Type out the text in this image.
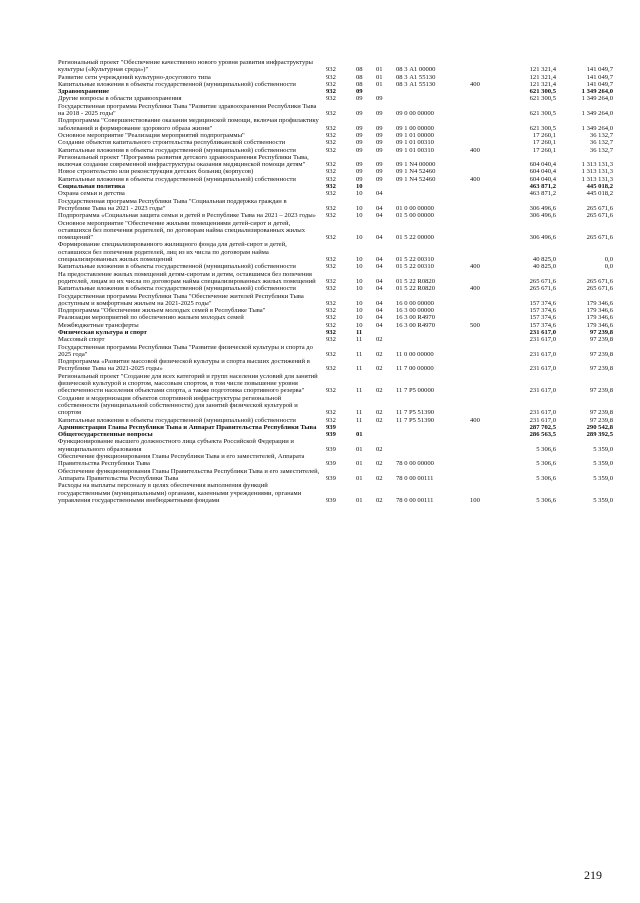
Региональный проект "Обеспечение качественно нового уровня развития инфраструктуры культуры («Культурная среда»)"	932	08	01	08 3 А1 00000		121 321,4	141 049,7
Развитие сети учреждений культурно-досугового типа	932	08	01	08 3 А1 55130		121 321,4	141 049,7
Капитальные вложения в объекты государственной (муниципальной) собственности	932	08	01	08 3 А1 55130	400	121 321,4	141 049,7
Здравоохранение	932	09				621 300,5	1 349 264,0
Другие вопросы в области здравоохранения	932	09	09			621 300,5	1 349 264,0
Государственная программа Республики Тыва "Развитие здравоохранения Республики Тыва на 2018 - 2025 годы"	932	09	09	09 0 00 00000		621 300,5	1 349 264,0
Подпрограмма "Совершенствование оказания медицинской помощи, включая профилактику заболеваний и формирование здорового образа жизни"	932	09	09	09 1 00 00000		621 300,5	1 349 264,0
Основное мероприятие "Реализация мероприятий подпрограммы"	932	09	09	09 1 01 00000		17 260,1	36 132,7
Создание объектов капитального строительства республиканской собственности	932	09	09	09 1 01 00310		17 260,1	36 132,7
Капитальные вложения в объекты государственной (муниципальной) собственности	932	09	09	09 1 01 00310	400	17 260,1	36 132,7
Региональный проект "Программа развития детского здравоохранения Республики Тыва, включая создание современной инфраструктуры оказания медицинской помощи детям"	932	09	09	09 1 N4 00000		604 040,4	1 313 131,3
Новое строительство или реконструкция детских больниц (корпусов)	932	09	09	09 1 N4 52460		604 040,4	1 313 131,3
Капитальные вложения в объекты государственной (муниципальной) собственности	932	09	09	09 1 N4 52460	400	604 040,4	1 313 131,3
Социальная политика	932	10				463 871,2	445 018,2
Охрана семьи и детства	932	10	04			463 871,2	445 018,2
Государственная программа Республики Тыва "Социальная поддержка граждан в Республике Тыва на 2021 - 2023 годы"	932	10	04	01 0 00 00000		306 496,6	265 671,6
Подпрограмма «Социальная защита семьи и детей в Республике Тыва на 2021 – 2023 годы»	932	10	04	01 5 00 00000		306 496,6	265 671,6
Основное мероприятие "Обеспечение жилыми помещениями детей-сирот и детей, оставшихся без попечения родителей, по договорам найма специализированных жилых помещений"	932	10	04	01 5 22 00000		306 496,6	265 671,6
Формирование специализированного жилищного фонда для детей-сирот и детей, оставшихся без попечения родителей, лиц из их числа по договорам найма специализированных жилых помещений	932	10	04	01 5 22 00310		40 825,0	0,0
Капитальные вложения в объекты государственной (муниципальной) собственности	932	10	04	01 5 22 00310	400	40 825,0	0,0
На предоставление жилых помещений детям-сиротам и детям, оставшимся без попечения родителей, лицам из их числа по договорам найма специализированных жилых помещений	932	10	04	01 5 22 R0820		265 671,6	265 671,6
Капитальные вложения в объекты государственной (муниципальной) собственности	932	10	04	01 5 22 R0820	400	265 671,6	265 671,6
Государственная программа Республики Тыва "Обеспечение жителей Республики Тыва доступным и комфортным жильем на 2021-2025 годы"	932	10	04	16 0 00 00000		157 374,6	179 346,6
Подпрограмма "Обеспечение жильем молодых семей в Республике Тыва"	932	10	04	16 3 00 00000		157 374,6	179 346,6
Реализация мероприятий по обеспечению жильем молодых семей	932	10	04	16 3 00 R4970		157 374,6	179 346,6
Межбюджетные трансферты	932	10	04	16 3 00 R4970	500	157 374,6	179 346,6
Физическая культура и спорт	932	11				231 617,0	97 239,8
Массовый спорт	932	11	02			231 617,0	97 239,8
Государственная программа Республики Тыва "Развитие физической культуры и спорта до 2025 года"	932	11	02	11 0 00 00000		231 617,0	97 239,8
Подпрограмма «Развитие массовой физической культуры и спорта высших достижений в Республике Тыва на 2021-2025 годы»	932	11	02	11 7 00 00000		231 617,0	97 239,8
Региональный проект "Создание для всех категорий и групп населения условий для занятий физической культурой и спортом, массовым спортом, в том числе повышение уровня обеспеченности населения объектами спорта, а также подготовка спортивного резерва"	932	11	02	11 7 P5 00000		231 617,0	97 239,8
Создание и модернизация объектов спортивной инфраструктуры региональной собственности (муниципальной собственности) для занятий физической культурой и спортом	932	11	02	11 7 P5 51390		231 617,0	97 239,8
Капитальные вложения в объекты государственной (муниципальной) собственности	932	11	02	11 7 P5 51390	400	231 617,0	97 239,8
Администрация Главы Республики Тыва и Аппарат Правительства Республики Тыва	939					287 702,5	290 542,8
Общегосударственные вопросы	939	01				286 563,5	289 392,5
Функционирование высшего должностного лица субъекта Российской Федерации и муниципального образования	939	01	02			5 306,6	5 359,0
Обеспечение функционирования Главы Республики Тыва и его заместителей, Аппарата Правительства Республики Тыва	939	01	02	78 0 00 00000		5 306,6	5 359,0
Обеспечение функционирования Главы Правительства Республики Тыва и его заместителей, Аппарата Правительства Республики Тыва	939	01	02	78 0 00 00111		5 306,6	5 359,0
Расходы на выплаты персоналу в целях обеспечения выполнения функций государственными (муниципальными) органами, казенными учреждениями, органами управления государственными внебюджетными фондами	939	01	02	78 0 00 00111	100	5 306,6	5 359,0
219
